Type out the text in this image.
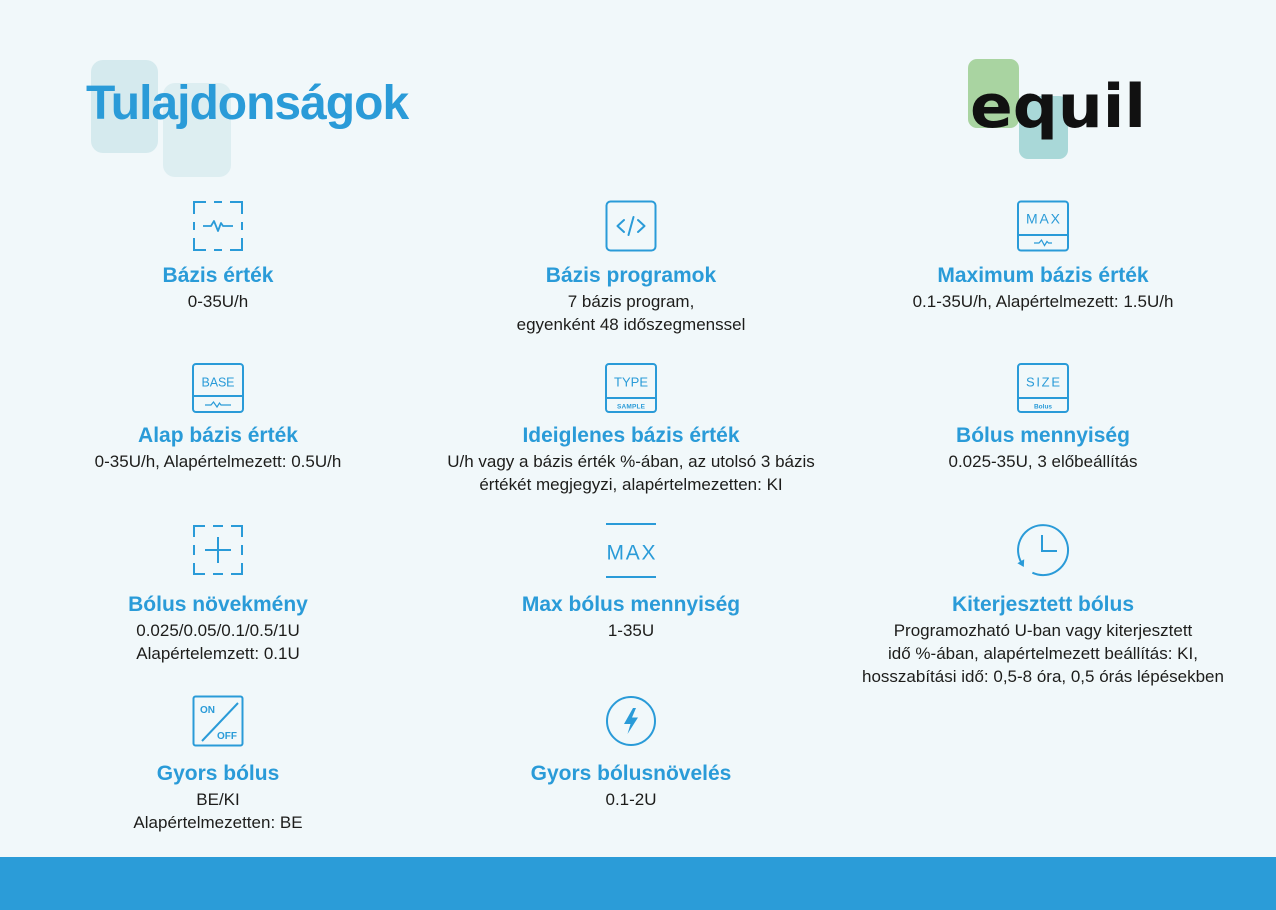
Tulajdonságok	equil
Bázis érték
0-35U/h
Bázis programok
7 bázis program,
egyenként 48 időszegmenssel
MAX
Maximum bázis érték
0.1-35U/h, Alapértelmezett: 1.5U/h
BASE
Alap bázis érték
0-35U/h, Alapértelmezett: 0.5U/h
TYPE
SAMPLE
Ideiglenes bázis érték
U/h vagy a bázis érték %-ában, az utolsó 3 bázis
értékét megjegyzi, alapértelmezetten: KI
SIZE
Bolus
Bólus mennyiség
0.025-35U, 3 előbeállítás
Bólus növekmény
0.025/0.05/0.1/0.5/1U
Alapértelemzett: 0.1U
MAX
Max bólus mennyiség
1-35U
Kiterjesztett bólus
Programozható U-ban vagy kiterjesztett
idő %-ában, alapértelmezett beállítás: KI,
hosszabítási idő: 0,5-8 óra, 0,5 órás lépésekben
ON
OFF
Gyors bólus
BE/KI
Alapértelmezetten: BE
Gyors bólusnövelés
0.1-2U
